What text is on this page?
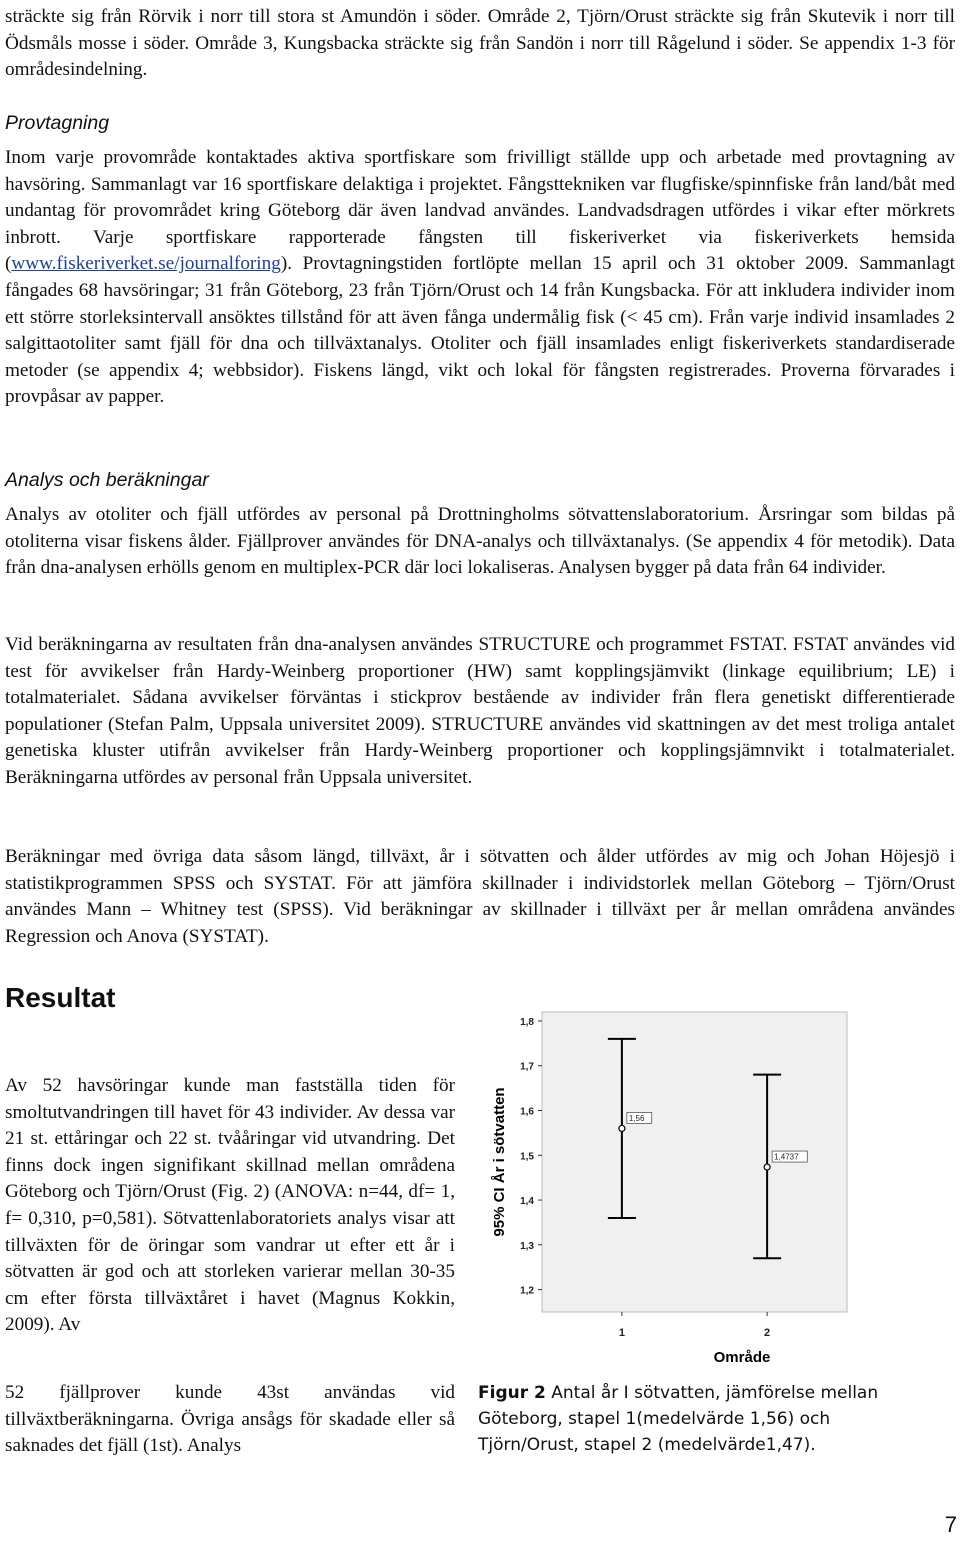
sträckte sig från Rörvik i norr till stora st Amundön i söder. Område 2, Tjörn/Orust sträckte sig från Skutevik i norr till Ödsmåls mosse i söder. Område 3, Kungsbacka sträckte sig från Sandön i norr till Rågelund i söder. Se appendix 1-3 för områdesindelning.

Provtagning

Inom varje provområde kontaktades aktiva sportfiskare som frivilligt ställde upp och arbetade med provtagning av havsöring. Sammanlagt var 16 sportfiskare delaktiga i projektet. Fångsttekniken var flugfiske/spinnfiske från land/båt med undantag för provområdet kring Göteborg där även landvad användes. Landvadsdragen utfördes i vikar efter mörkrets inbrott. Varje sportfiskare rapporterade fångsten till fiskeriverket via fiskeriverkets hemsida (www.fiskeriverket.se/journalforing). Provtagningstiden fortlöpte mellan 15 april och 31 oktober 2009. Sammanlagt fångades 68 havsöringar; 31 från Göteborg, 23 från Tjörn/Orust och 14 från Kungsbacka. För att inkludera individer inom ett större storleksintervall ansöktes tillstånd för att även fånga undermålig fisk (< 45 cm). Från varje individ insamlades 2 salgittaotoliter samt fjäll för dna och tillväxtanalys. Otoliter och fjäll insamlades enligt fiskeriverkets standardiserade metoder (se appendix 4; webbsidor). Fiskens längd, vikt och lokal för fångsten registrerades. Proverna förvarades i provpåsar av papper.

Analys och beräkningar

Analys av otoliter och fjäll utfördes av personal på Drottningholms sötvattenslaboratorium. Årsringar som bildas på otoliterna visar fiskens ålder. Fjällprover användes för DNA-analys och tillväxtanalys. (Se appendix 4 för metodik). Data från dna-analysen erhölls genom en multiplex-PCR där loci lokaliseras. Analysen bygger på data från 64 individer.

Vid beräkningarna av resultaten från dna-analysen användes STRUCTURE och programmet FSTAT. FSTAT användes vid test för avvikelser från Hardy-Weinberg proportioner (HW) samt kopplingsjämvikt (linkage equilibrium; LE) i totalmaterialet. Sådana avvikelser förväntas i stickprov bestående av individer från flera genetiskt differentierade populationer (Stefan Palm, Uppsala universitet 2009). STRUCTURE användes vid skattningen av det mest troliga antalet genetiska kluster utifrån avvikelser från Hardy-Weinberg proportioner och kopplingsjämnvikt i totalmaterialet. Beräkningarna utfördes av personal från Uppsala universitet.

Beräkningar med övriga data såsom längd, tillväxt, år i sötvatten och ålder utfördes av mig och Johan Höjesjö i statistikprogrammen SPSS och SYSTAT. För att jämföra skillnader i individstorlek mellan Göteborg – Tjörn/Orust användes Mann – Whitney test (SPSS). Vid beräkningar av skillnader i tillväxt per år mellan områdena användes Regression och Anova (SYSTAT).

Resultat

Av 52 havsöringar kunde man fastställa tiden för smoltutvandringen till havet för 43 individer. Av dessa var 21 st. ettåringar och 22 st. tvååringar vid utvandring. Det finns dock ingen signifikant skillnad mellan områdena Göteborg och Tjörn/Orust (Fig. 2) (ANOVA: n=44, df= 1, f= 0,310, p=0,581). Sötvattenlaboratoriets analys visar att tillväxten för de öringar som vandrar ut efter ett år i sötvatten är god och att storleken varierar mellan 30-35 cm efter första tillväxtåret i havet (Magnus Kokkin, 2009). Av

52 fjällprover kunde 43st användas vid tillväxtberäkningarna. Övriga ansågs för skadade eller så saknades det fjäll (1st). Analys

1,2
1,3
1,4
1,5
1,6
1,7
1,8
1	2
1,56
1,4737
95% CI År i sötvatten
Område

Figur 2 Antal år I sötvatten, jämförelse mellan Göteborg, stapel 1(medelvärde 1,56) och Tjörn/Orust, stapel 2 (medelvärde1,47).

7
